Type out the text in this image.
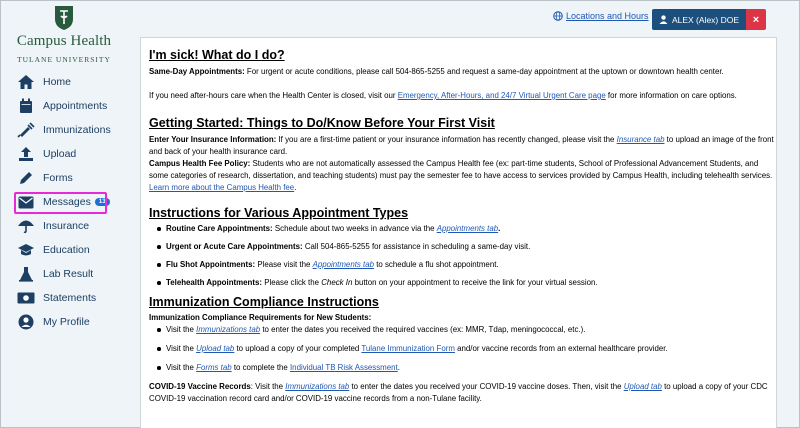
Campus Health
TULANE UNIVERSITY
Home
Appointments
Immunizations
Upload
Forms
Messages	13
Insurance
Education
Lab Result
Statements
My Profile
Locations and Hours	ALEX (Alex) DOE ×
I'm sick! What do I do?

Same-Day Appointments: For urgent or acute conditions, please call 504-865-5255 and request a same-day appointment at the uptown or downtown health center.

If you need after-hours care when the Health Center is closed, visit our Emergency, After-Hours, and 24/7 Virtual Urgent Care page for more information on care options.

Getting Started: Things to Do/Know Before Your First Visit

Enter Your Insurance Information: If you are a first-time patient or your insurance information has recently changed, please visit the Insurance tab to upload an image of the front and back of your health insurance card.

Campus Health Fee Policy: Students who are not automatically assessed the Campus Health fee (ex: part-time students, School of Professional Advancement Students, and some categories of research, dissertation, and teaching students) must pay the semester fee to have access to services provided by Campus Health, including telehealth services. Learn more about the Campus Health fee.

Instructions for Various Appointment Types
Routine Care Appointments: Schedule about two weeks in advance via the Appointments tab.
Urgent or Acute Care Appointments: Call 504-865-5255 for assistance in scheduling a same-day visit.
Flu Shot Appointments: Please visit the Appointments tab to schedule a flu shot appointment.
Telehealth Appointments: Please click the Check In button on your appointment to receive the link for your virtual session.
Immunization Compliance Instructions

Immunization Compliance Requirements for New Students:

Visit the Immunizations tab to enter the dates you received the required vaccines (ex: MMR, Tdap, meningococcal, etc.).
Visit the Upload tab to upload a copy of your completed Tulane Immunization Form and/or vaccine records from an external healthcare provider.
Visit the Forms tab to complete the Individual TB Risk Assessment.

COVID-19 Vaccine Records: Visit the Immunizations tab to enter the dates you received your COVID-19 vaccine doses. Then, visit the Upload tab to upload a copy of your CDC COVID-19 vaccination record card and/or COVID-19 vaccine records from a non-Tulane facility.
